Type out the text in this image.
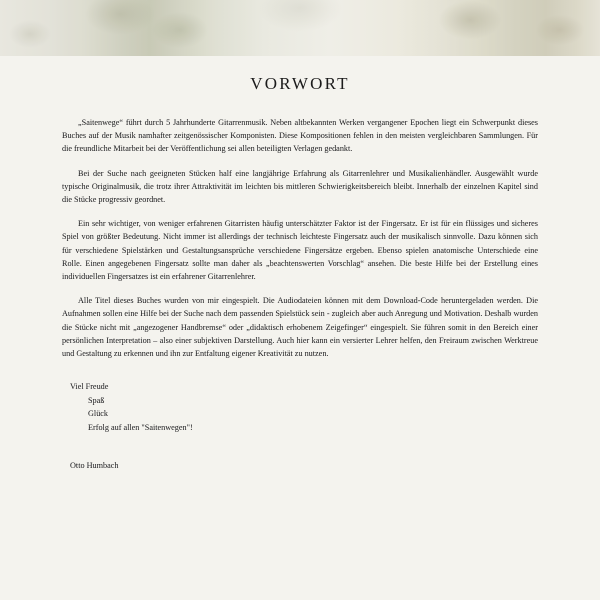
VORWORT

„Saitenwege“ führt durch 5 Jahrhunderte Gitarrenmusik. Neben altbekannten Werken vergangener Epochen liegt ein Schwerpunkt dieses Buches auf der Musik namhafter zeitgenössischer Komponisten. Diese Kompositionen fehlen in den meisten vergleichbaren Sammlungen. Für die freundliche Mitarbeit bei der Veröffentlichung sei allen beteiligten Verlagen gedankt.

Bei der Suche nach geeigneten Stücken half eine langjährige Erfahrung als Gitarrenlehrer und Musikalienhändler. Ausgewählt wurde typische Originalmusik, die trotz ihrer Attraktivität im leichten bis mittleren Schwierigkeitsbereich bleibt. Innerhalb der einzelnen Kapitel sind die Stücke progressiv geordnet.

Ein sehr wichtiger, von weniger erfahrenen Gitarristen häufig unterschätzter Faktor ist der Fingersatz. Er ist für ein flüssiges und sicheres Spiel von größter Bedeutung. Nicht immer ist allerdings der technisch leichteste Fingersatz auch der musikalisch sinnvolle. Dazu können sich für verschiedene Spielstärken und Gestaltungsansprüche verschiedene Fingersätze ergeben. Ebenso spielen anatomische Unterschiede eine Rolle. Einen angegebenen Fingersatz sollte man daher als „beachtenswerten Vorschlag“ ansehen. Die beste Hilfe bei der Erstellung eines individuellen Fingersatzes ist ein erfahrener Gitarrenlehrer.

Alle Titel dieses Buches wurden von mir eingespielt. Die Audiodateien können mit dem Download-Code heruntergeladen werden. Die Aufnahmen sollen eine Hilfe bei der Suche nach dem passenden Spielstück sein - zugleich aber auch Anregung und Motivation. Deshalb wurden die Stücke nicht mit „angezogener Handbremse“ oder „didaktisch erhobenem Zeigefinger“ eingespielt. Sie führen somit in den Bereich einer persönlichen Interpretation – also einer subjektiven Darstellung. Auch hier kann ein versierter Lehrer helfen, den Freiraum zwischen Werktreue und Gestaltung zu erkennen und ihn zur Entfaltung eigener Kreativität zu nutzen.

Viel Freude
Spaß
Glück
Erfolg auf allen "Saitenwegen"!
Otto Humbach
